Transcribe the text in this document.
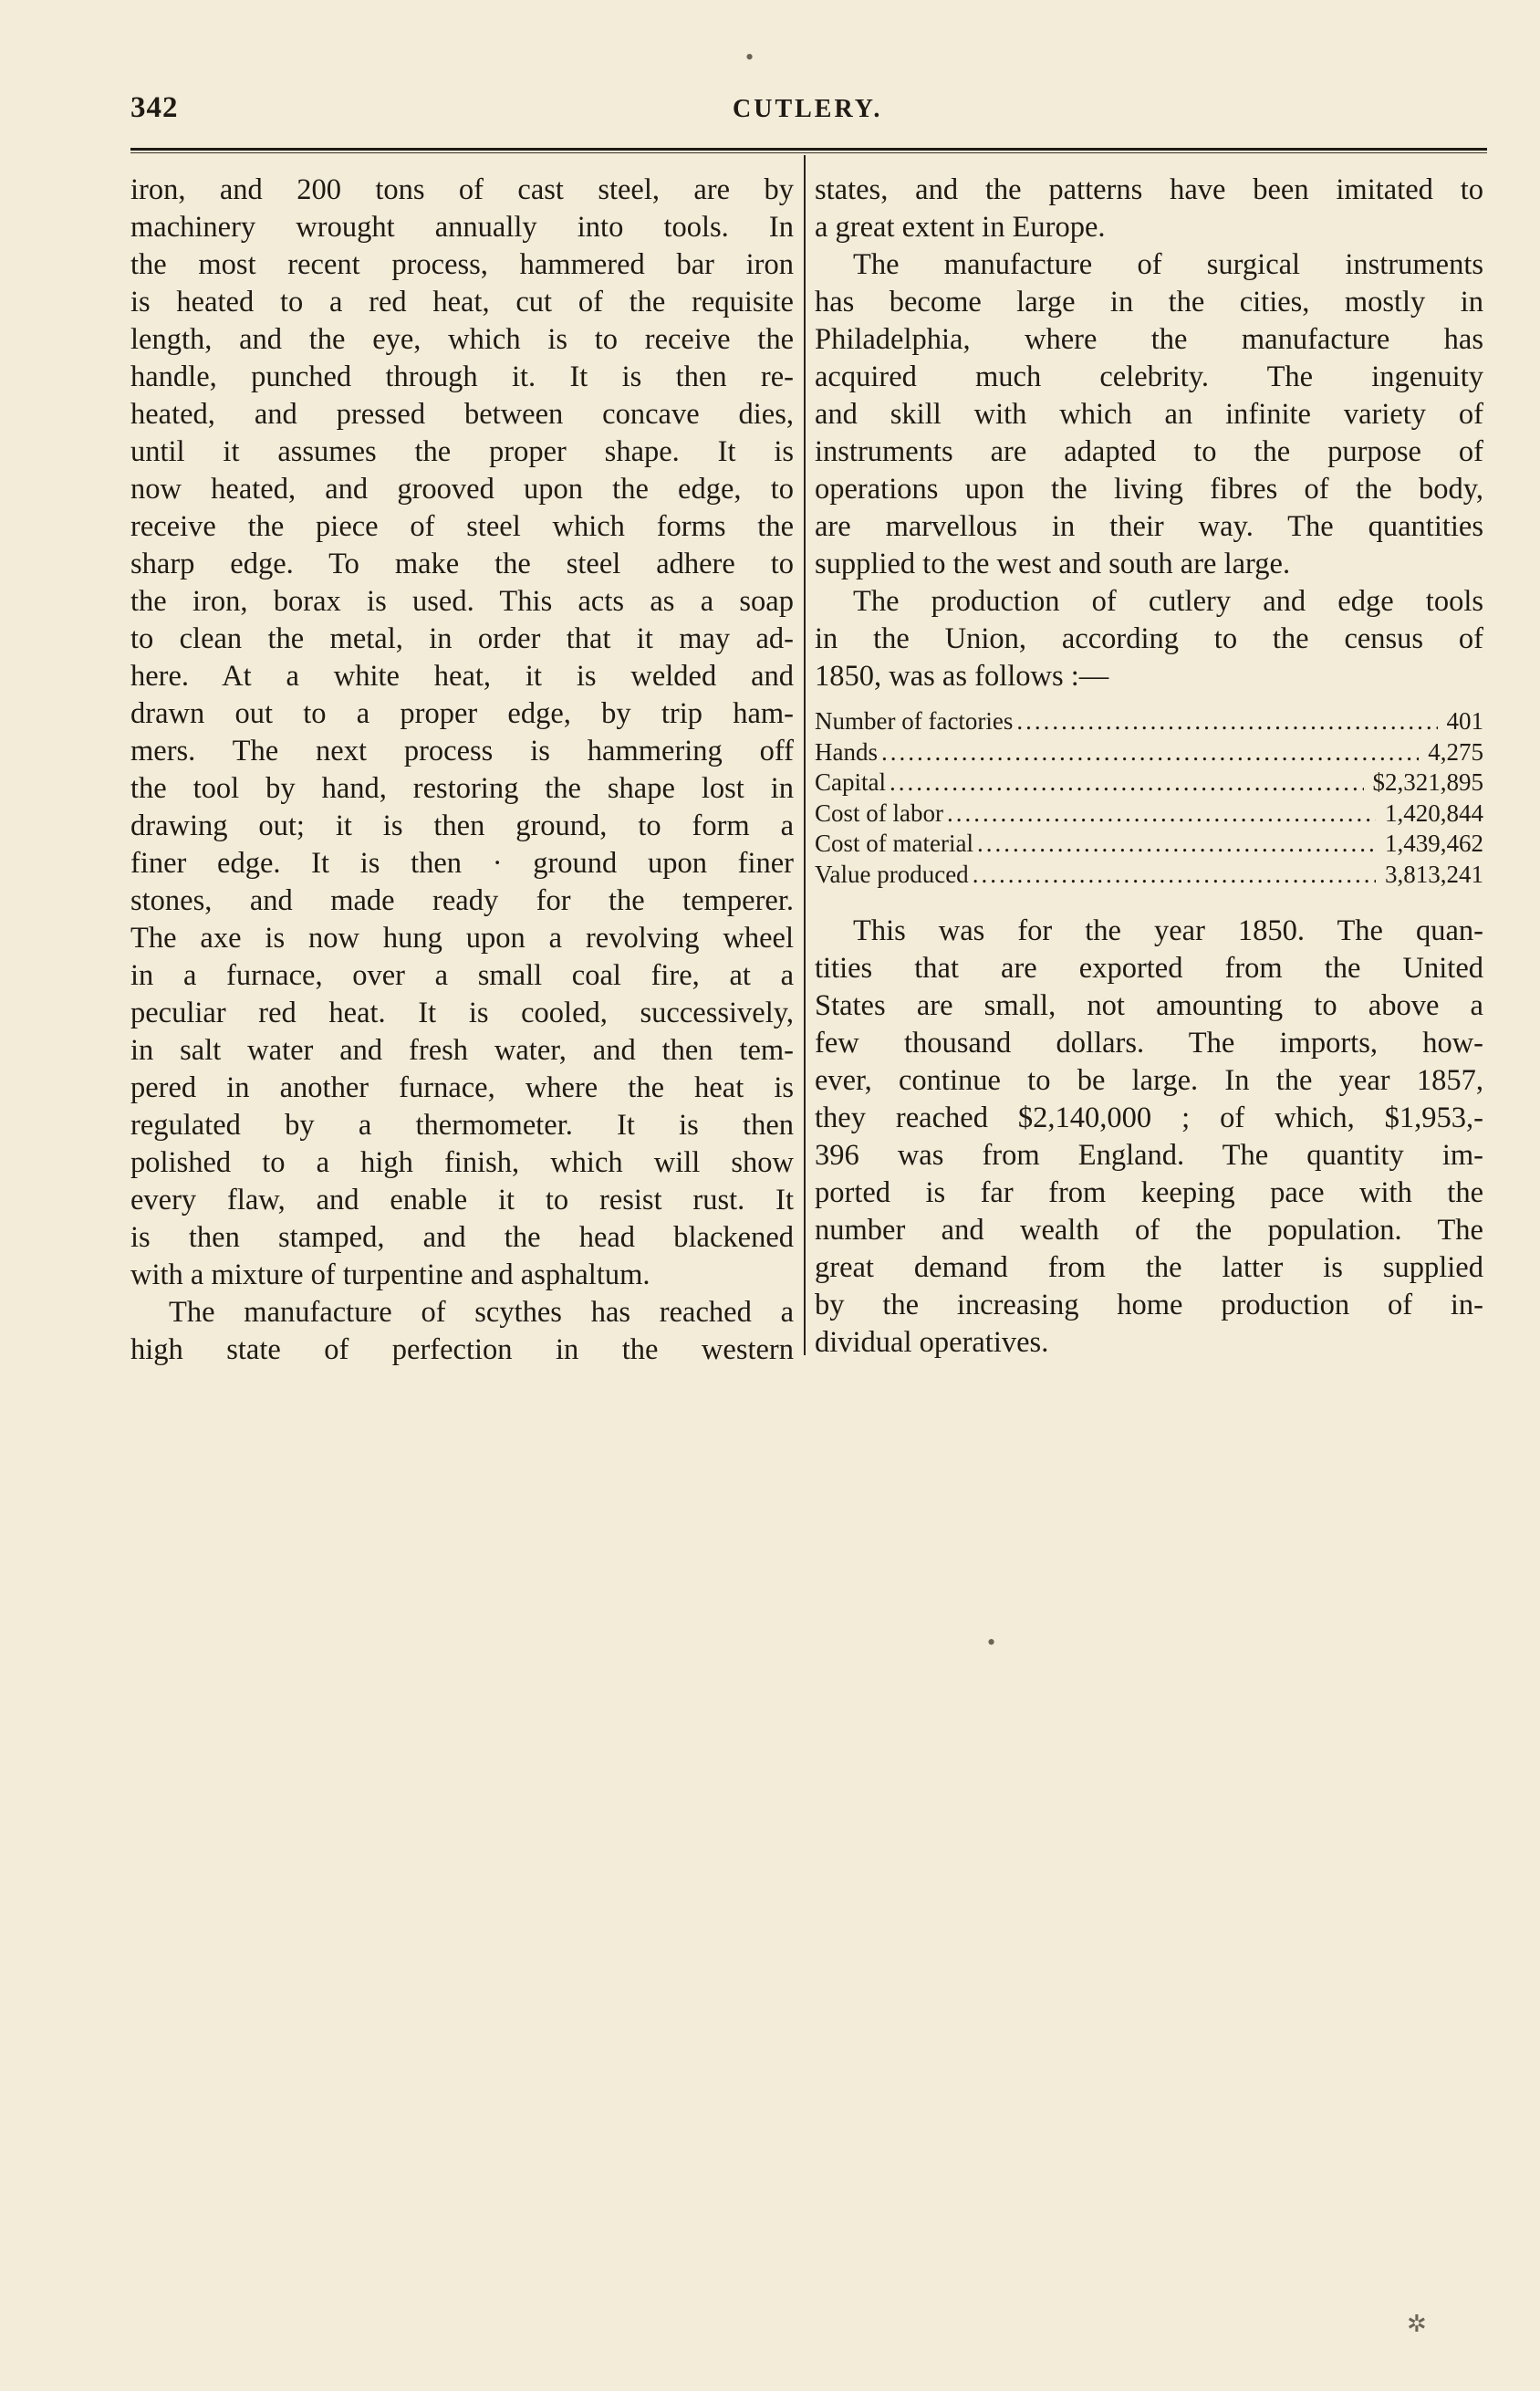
342	CUTLERY.
iron, and 200 tons of cast steel, are by
machinery wrought annually into tools. In
the most recent process, hammered bar iron
is heated to a red heat, cut of the requisite
length, and the eye, which is to receive the
handle, punched through it. It is then re-
heated, and pressed between concave dies,
until it assumes the proper shape. It is
now heated, and grooved upon the edge, to
receive the piece of steel which forms the
sharp edge. To make the steel adhere to
the iron, borax is used. This acts as a soap
to clean the metal, in order that it may ad-
here. At a white heat, it is welded and
drawn out to a proper edge, by trip ham-
mers. The next process is hammering off
the tool by hand, restoring the shape lost in
drawing out; it is then ground, to form a
finer edge. It is then · ground upon finer
stones, and made ready for the temperer.
The axe is now hung upon a revolving wheel
in a furnace, over a small coal fire, at a
peculiar red heat. It is cooled, successively,
in salt water and fresh water, and then tem-
pered in another furnace, where the heat is
regulated by a thermometer. It is then
polished to a high finish, which will show
every flaw, and enable it to resist rust. It
is then stamped, and the head blackened
with a mixture of turpentine and asphaltum.
The manufacture of scythes has reached a
high state of perfection in the western
states, and the patterns have been imitated to
a great extent in Europe.
The manufacture of surgical instruments
has become large in the cities, mostly in
Philadelphia, where the manufacture has
acquired much celebrity. The ingenuity
and skill with which an infinite variety of
instruments are adapted to the purpose of
operations upon the living fibres of the body,
are marvellous in their way. The quantities
supplied to the west and south are large.
The production of cutlery and edge tools
in the Union, according to the census of
1850, was as follows :—
Number of factories .....	401
Hands .....	4,275
Capital .....	$2,321,895
Cost of labor .....	1,420,844
Cost of material .....	1,439,462
Value produced .....	3,813,241
This was for the year 1850. The quan-
tities that are exported from the United
States are small, not amounting to above a
few thousand dollars. The imports, how-
ever, continue to be large. In the year 1857,
they reached $2,140,000 ; of which, $1,953,-
396 was from England. The quantity im-
ported is far from keeping pace with the
number and wealth of the population. The
great demand from the latter is supplied
by the increasing home production of in-
dividual operatives.
•
•
✲
